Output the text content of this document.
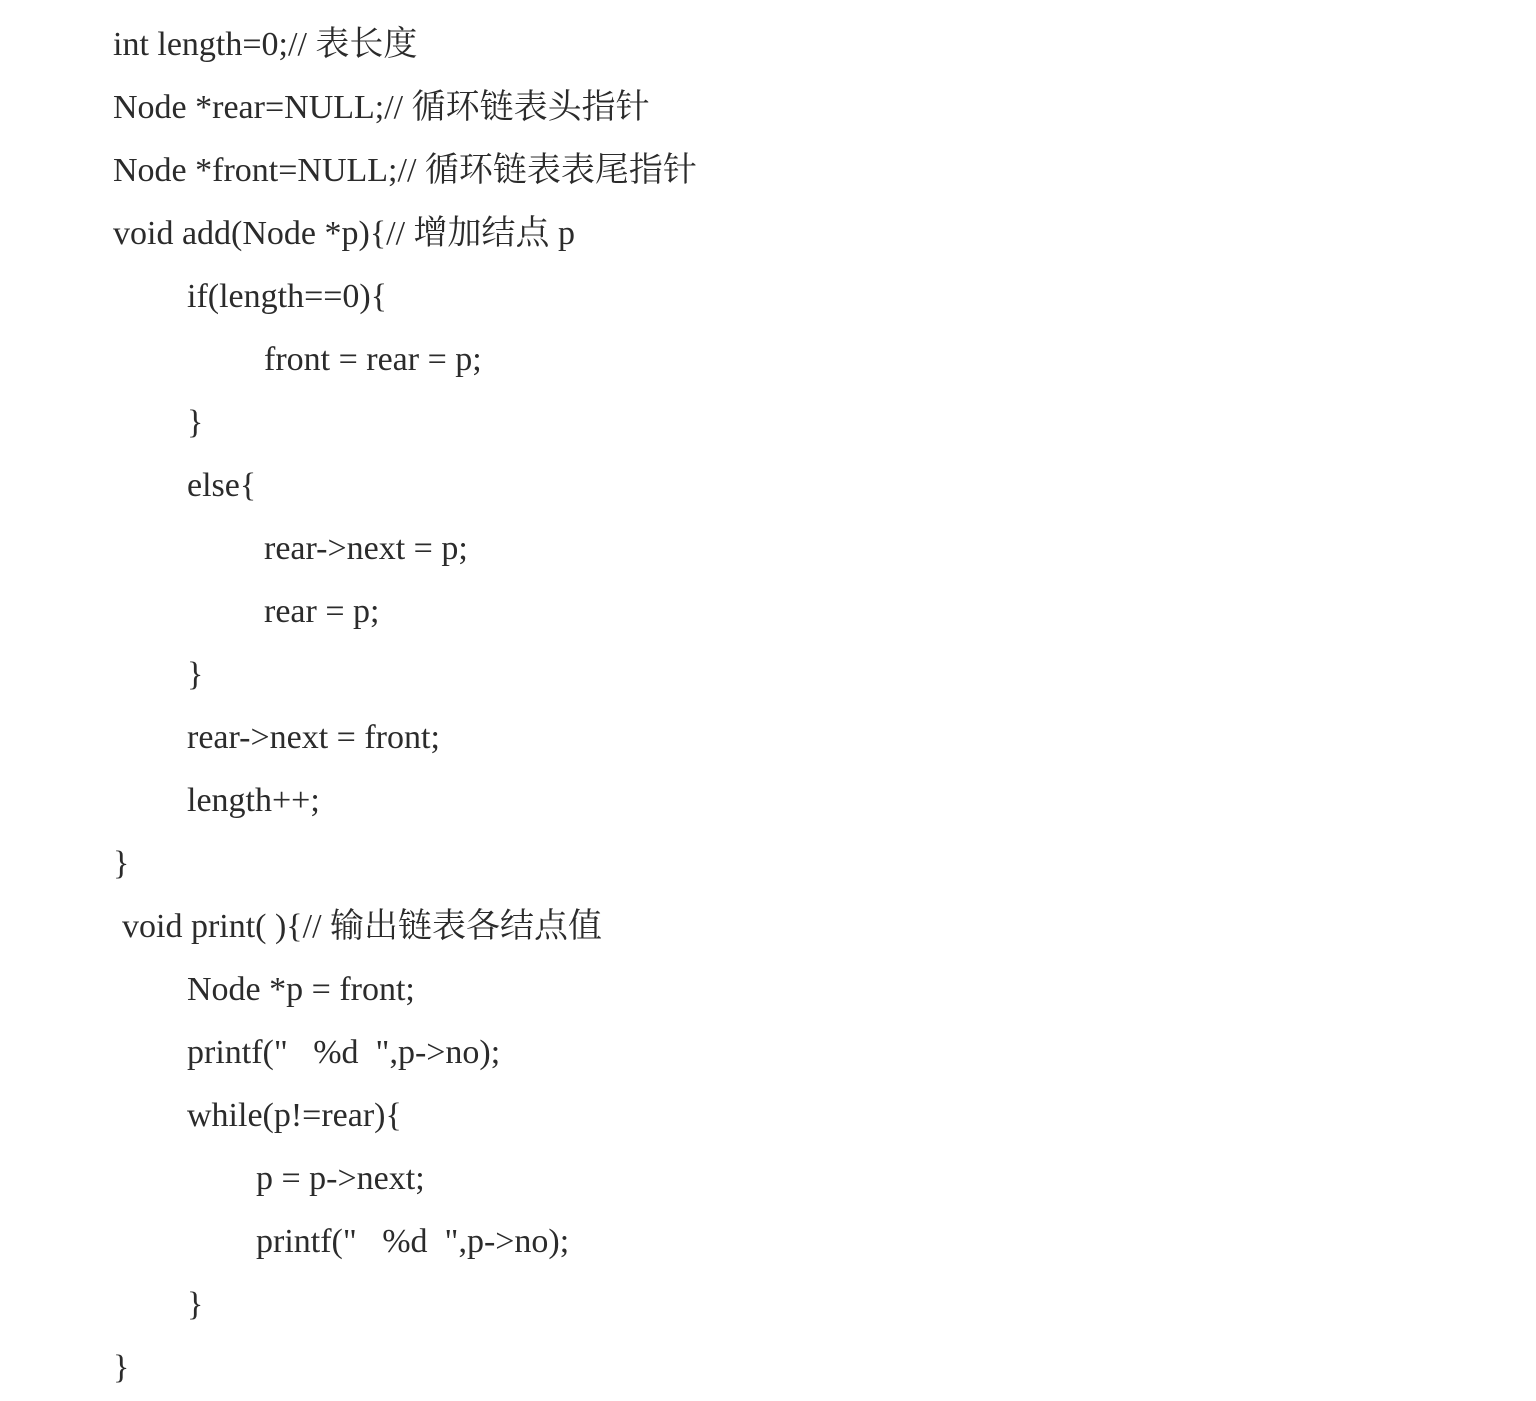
int length=0;// 表长度
Node *rear=NULL;// 循环链表头指针
Node *front=NULL;// 循环链表表尾指针
void add(Node *p){// 增加结点 p
if(length==0){
front = rear = p;
}
else{
rear->next = p;
rear = p;
}
rear->next = front;
length++;
}
void print( ){// 输出链表各结点值
Node *p = front;
printf("   %d  ",p->no);
while(p!=rear){
p = p->next;
printf("   %d  ",p->no);
}
}
